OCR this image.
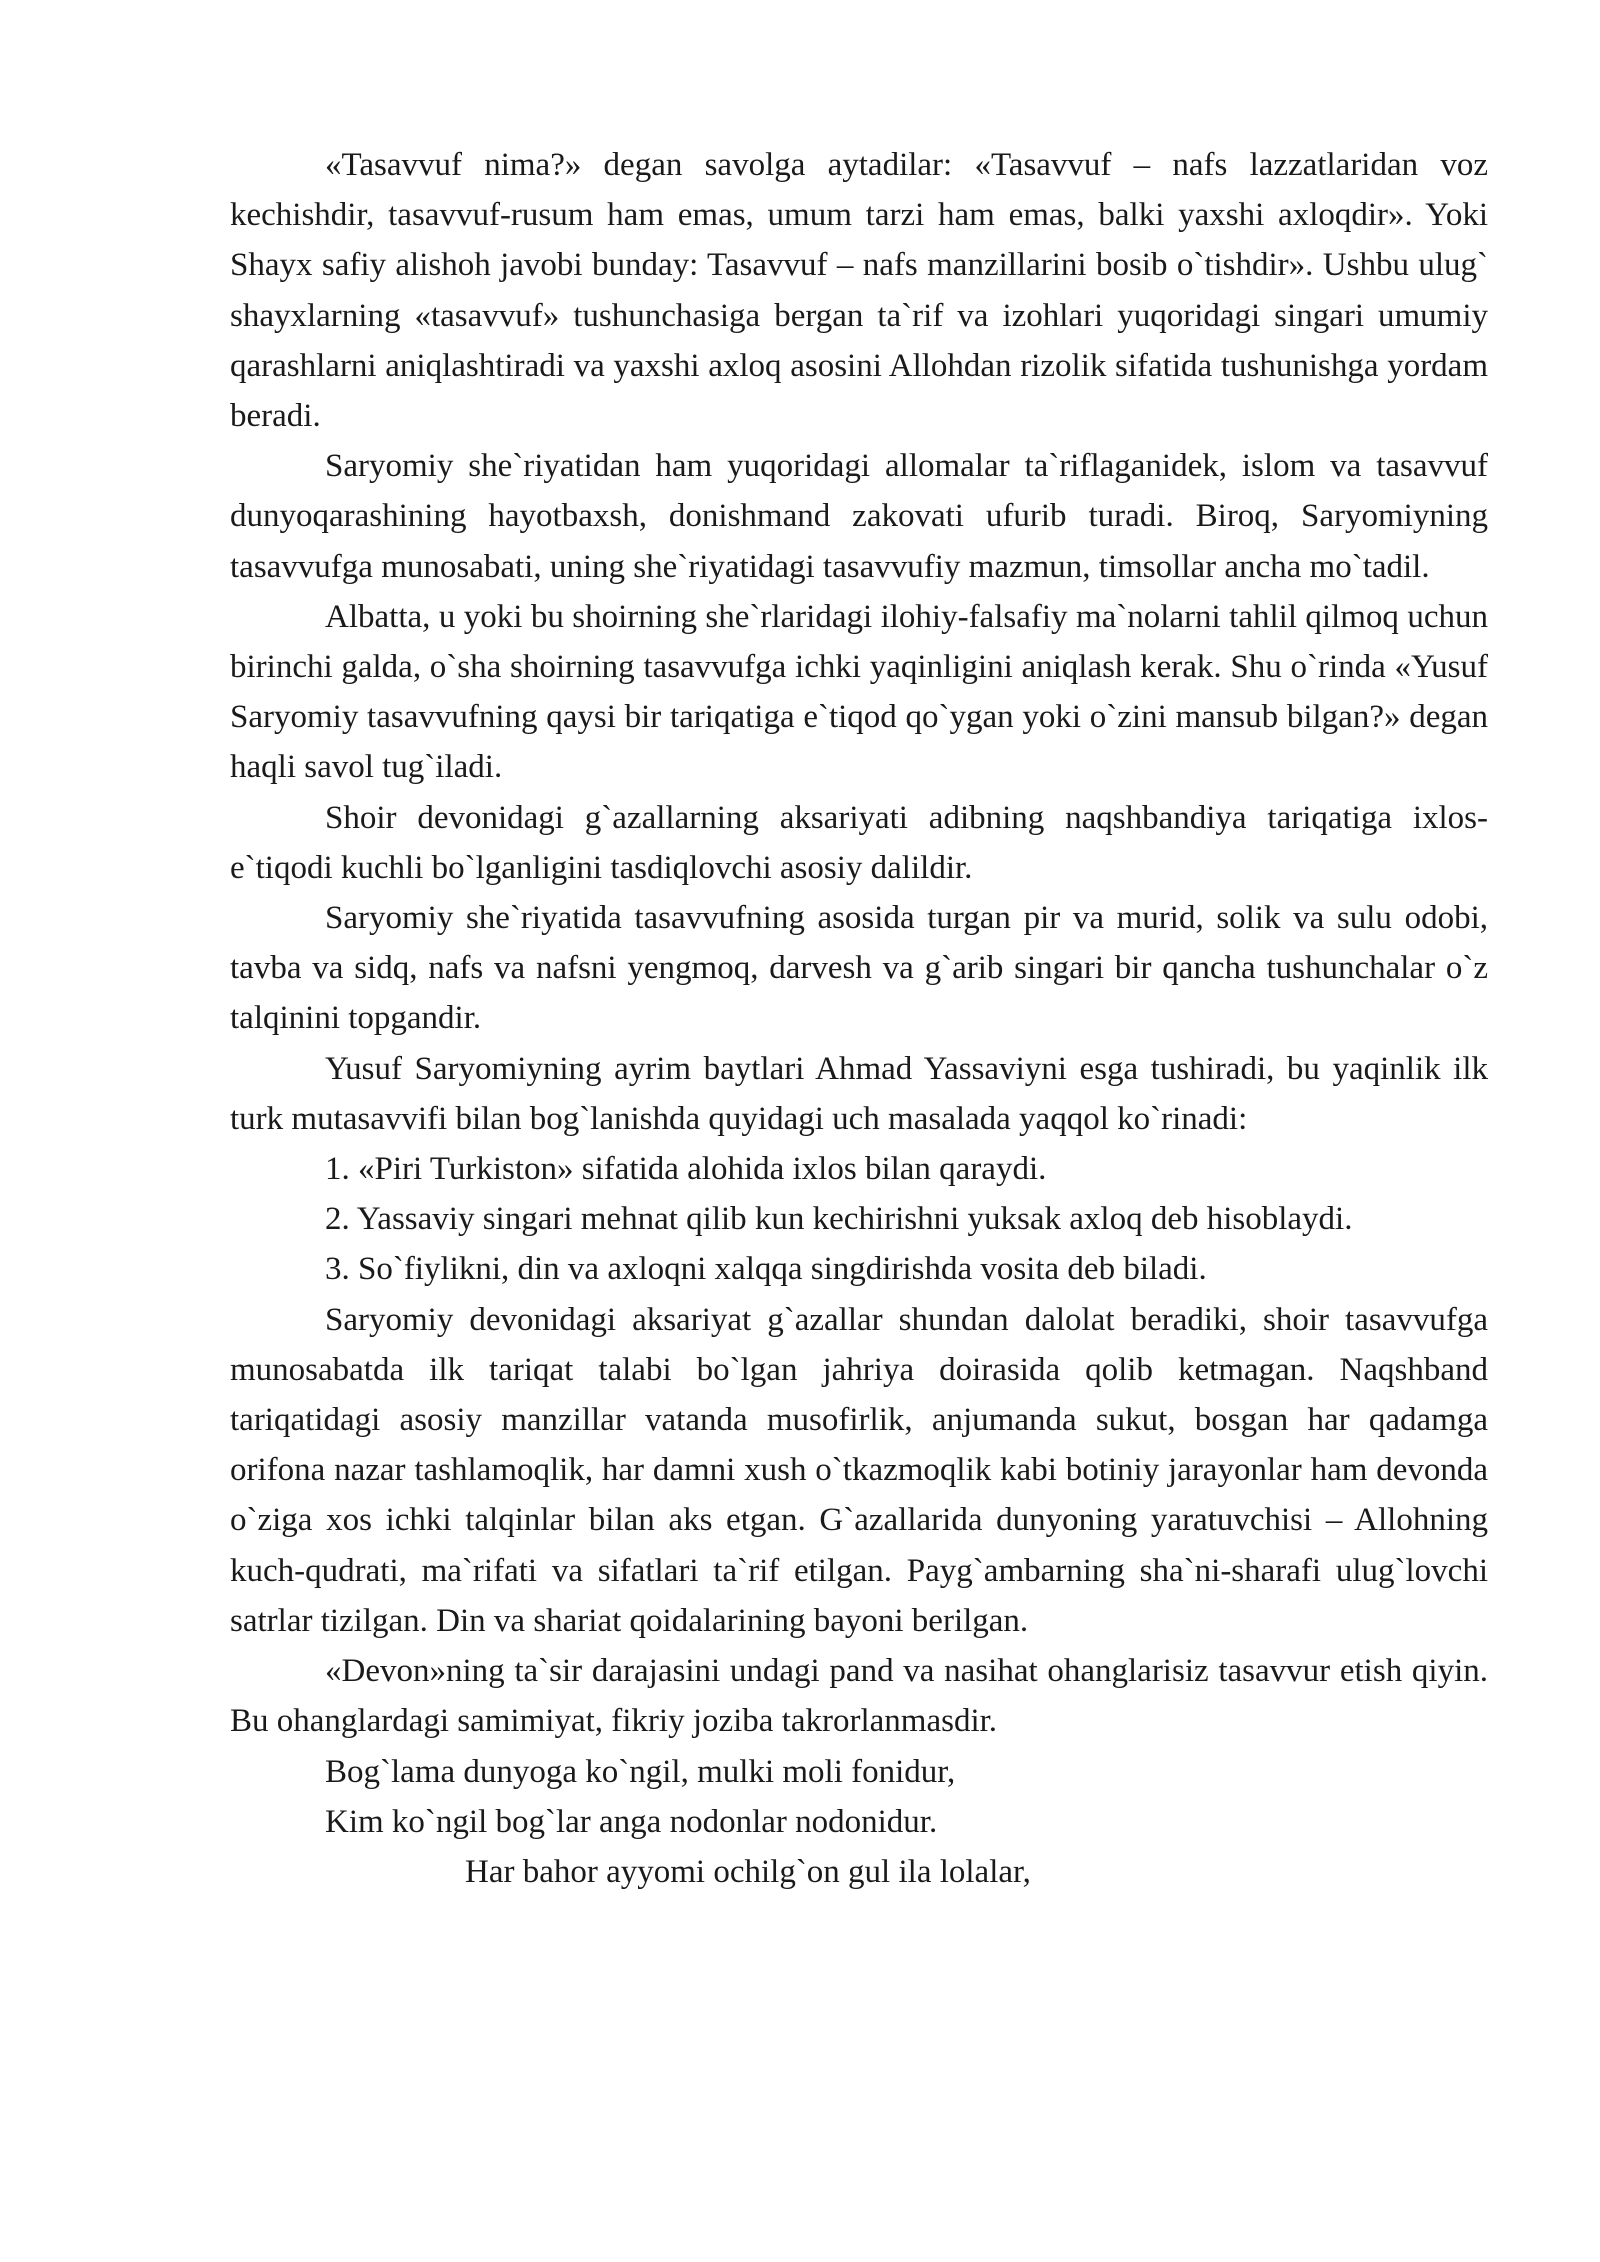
«Tasavvuf nima?» degan savolga aytadilar: «Tasavvuf – nafs lazzatlaridan voz kechishdir, tasavvuf-rusum ham emas, umum tarzi ham emas, balki yaxshi axloqdir». Yoki Shayx safiy alishoh javobi bunday: Tasavvuf – nafs manzillarini bosib o`tishdir». Ushbu ulug` shayxlarning «tasavvuf» tushunchasiga bergan ta`rif va izohlari yuqoridagi singari umumiy qarashlarni aniqlashtiradi va yaxshi axloq asosini Allohdan rizolik sifatida tushunishga yordam beradi.

Saryomiy she`riyatidan ham yuqoridagi allomalar ta`riflaganidek, islom va tasavvuf dunyoqarashining hayotbaxsh, donishmand zakovati ufurib turadi. Biroq, Saryomiyning tasavvufga munosabati, uning she`riyatidagi tasavvufiy mazmun, timsollar ancha mo`tadil.

Albatta, u yoki bu shoirning she`rlaridagi ilohiy-falsafiy ma`nolarni tahlil qilmoq uchun birinchi galda, o`sha shoirning tasavvufga ichki yaqinligini aniqlash kerak. Shu o`rinda «Yusuf Saryomiy tasavvufning qaysi bir tariqatiga e`tiqod qo`ygan yoki o`zini mansub bilgan?» degan haqli savol tug`iladi.

Shoir devonidagi g`azallarning aksariyati adibning naqshbandiya tariqatiga ixlos-e`tiqodi kuchli bo`lganligini tasdiqlovchi asosiy dalildir.

Saryomiy she`riyatida tasavvufning asosida turgan pir va murid, solik va sulu odobi, tavba va sidq, nafs va nafsni yengmoq, darvesh va g`arib singari bir qancha tushunchalar o`z talqinini topgandir.

Yusuf Saryomiyning ayrim baytlari Ahmad Yassaviyni esga tushiradi, bu yaqinlik ilk turk mutasavvifi bilan bog`lanishda quyidagi uch masalada yaqqol ko`rinadi:

1. «Piri Turkiston» sifatida alohida ixlos bilan qaraydi.

2. Yassaviy singari mehnat qilib kun kechirishni yuksak axloq deb hisoblaydi.

3. So`fiylikni, din va axloqni xalqqa singdirishda vosita deb biladi.

Saryomiy devonidagi aksariyat g`azallar shundan dalolat beradiki, shoir tasavvufga munosabatda ilk tariqat talabi bo`lgan jahriya doirasida qolib ketmagan. Naqshband tariqatidagi asosiy manzillar vatanda musofirlik, anjumanda sukut, bosgan har qadamga orifona nazar tashlamoqlik, har damni xush o`tkazmoqlik kabi botiniy jarayonlar ham devonda o`ziga xos ichki talqinlar bilan aks etgan. G`azallarida dunyoning yaratuvchisi – Allohning kuch-qudrati, ma`rifati va sifatlari ta`rif etilgan. Payg`ambarning sha`ni-sharafi ulug`lovchi satrlar tizilgan. Din va shariat qoidalarining bayoni berilgan.

«Devon»ning ta`sir darajasini undagi pand va nasihat ohanglarisiz tasavvur etish qiyin. Bu ohanglardagi samimiyat, fikriy joziba takrorlanmasdir.

Bog`lama dunyoga ko`ngil, mulki moli fonidur,

Kim ko`ngil bog`lar anga nodonlar nodonidur.

Har bahor ayyomi ochilg`on gul ila lolalar,
